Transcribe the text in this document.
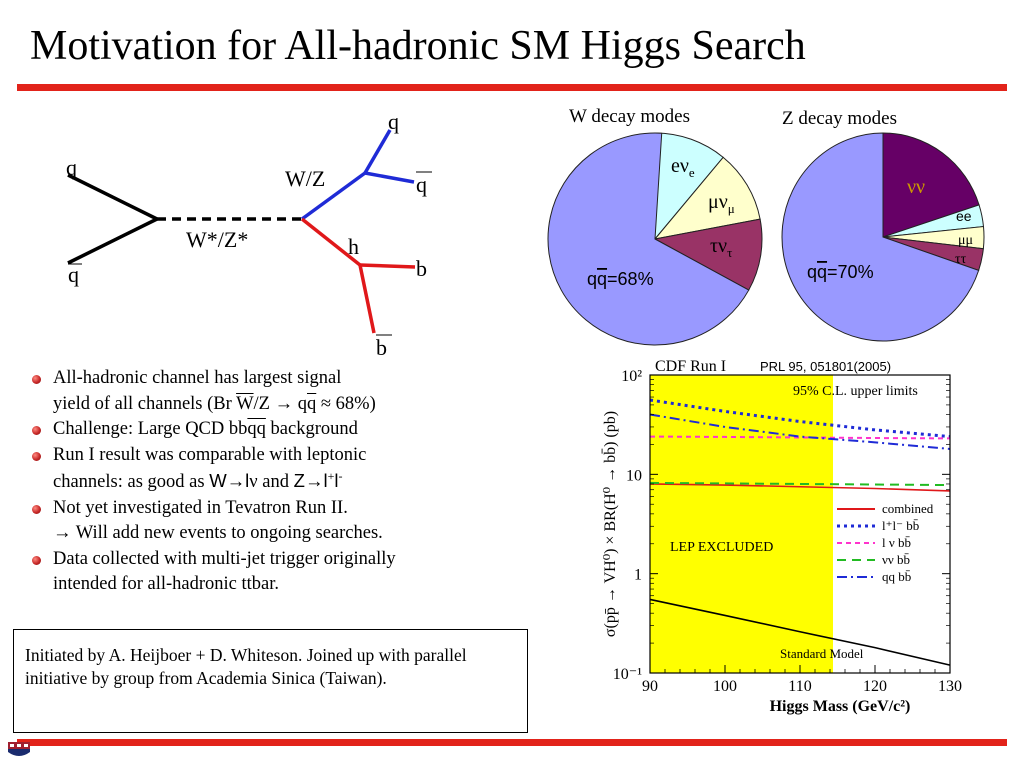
Motivation for All-hadronic SM Higgs Search
q
q
W*/Z*
W/Z
q
q
h
b
b
W decay modes	Z decay modes
$e\nu_e$
$\mu\nu_\mu$
$\tau\nu_\tau$
qq=68%
νν
ee
μμ
ττ
qq=70%
CDF Run I	PRL 95, 051801(2005)
90	100	110	120	130
10⁻¹
1
10
10²
Higgs Mass (GeV/c²)
σ(pp̄ → VH⁰) × BR(H⁰ → bb̄) (pb)
95% C.L. upper limits
LEP EXCLUDED
Standard Model
combined
l⁺l⁻ bb̄
l ν bb̄
νν bb̄
qq bb̄
All-hadronic channel has largest signal
yield of all channels (Br $\overline{W}/Z \to q\overline{q} \approx 68\%$)
Challenge: Large QCD $bb\overline{qq}$ background
Run I result was comparable with leptonic
channels: as good as W→lν and Z→l+l-
Not yet investigated in Tevatron Run II.
→ Will add new events to ongoing searches.
Data collected with multi-jet trigger originally
intended for all-hadronic ttbar.
Initiated by A. Heijboer + D. Whiteson. Joined up with parallel initiative by group from Academia Sinica (Taiwan).
